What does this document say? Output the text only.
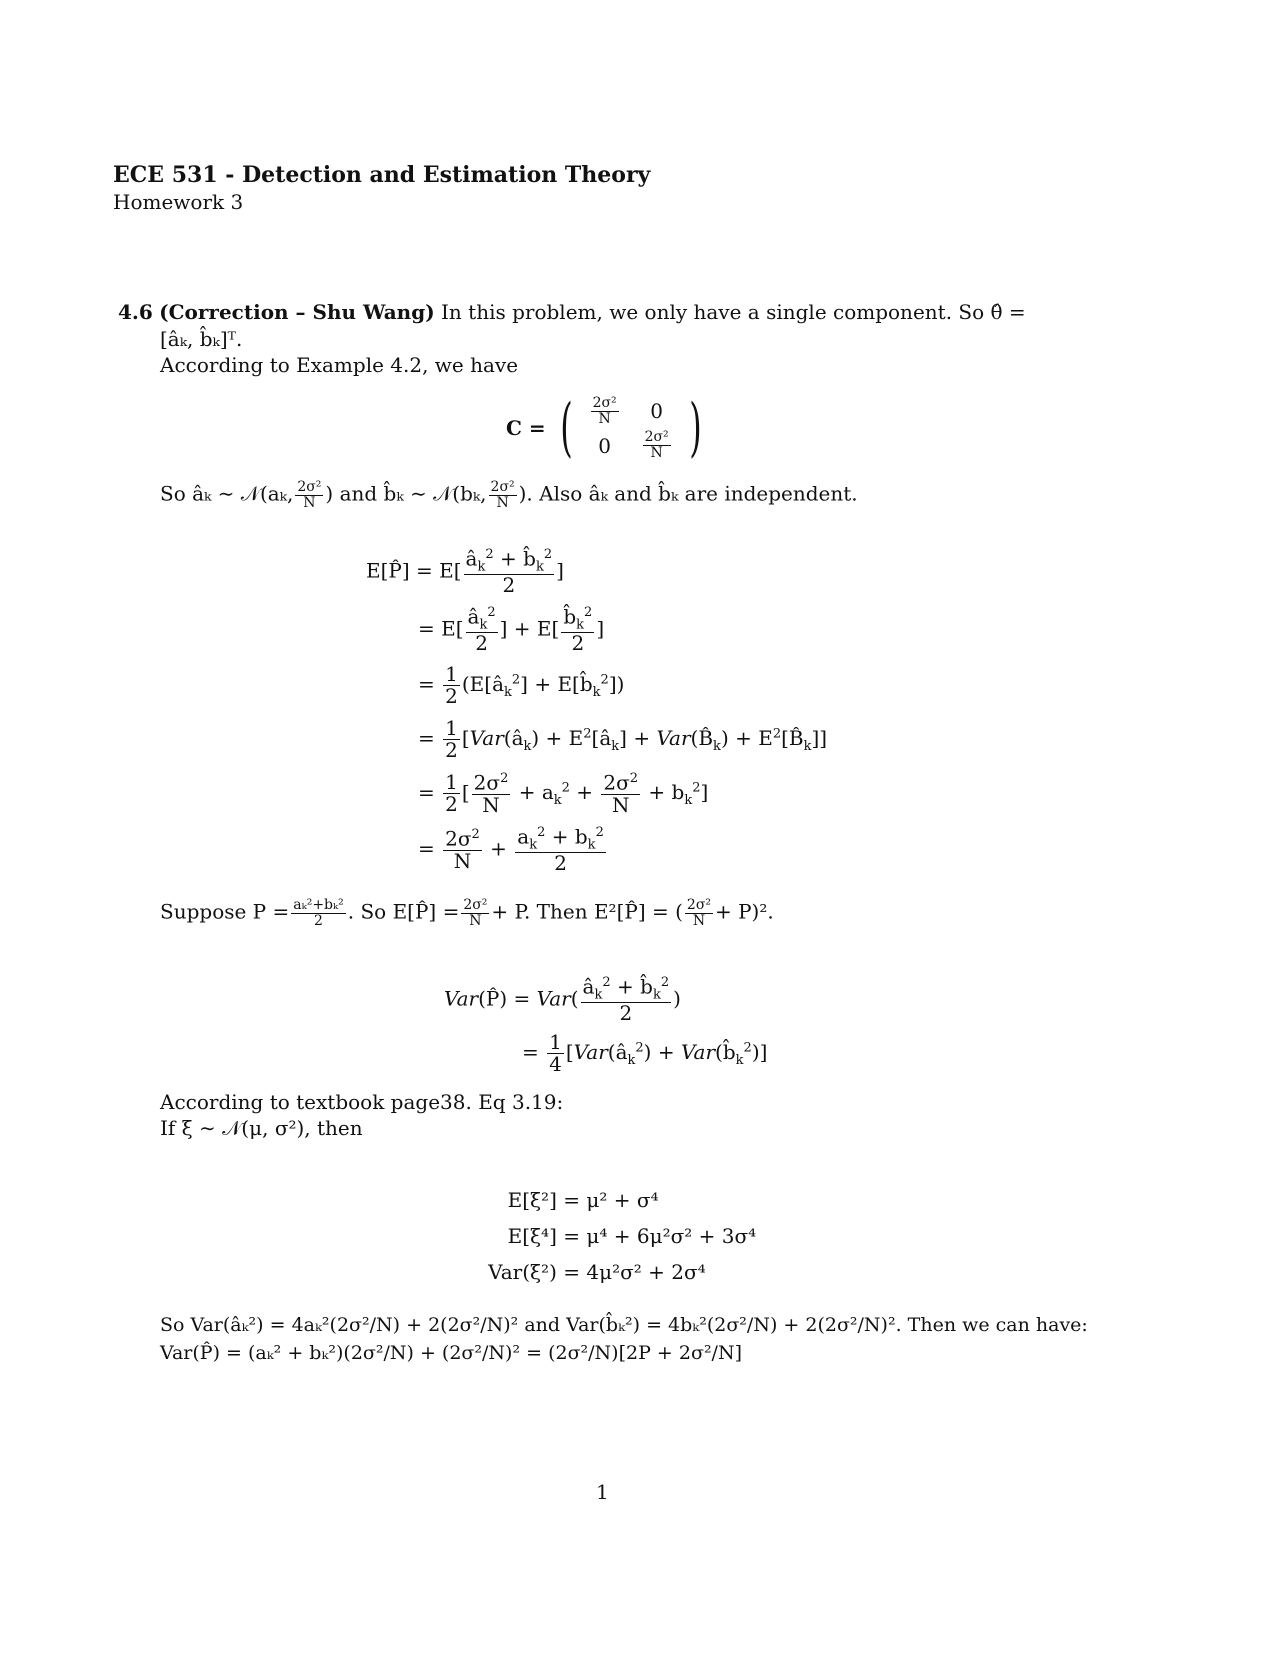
ECE 531 - Detection and Estimation Theory
Homework 3
4.6 (Correction – Shu Wang) In this problem, we only have a single component. So θ̂ =
[âₖ, b̂ₖ]ᵀ.
According to Example 4.2, we have
C = ( $\frac{\text{2σ²}}{N} 0$
$0 \frac{\text{2σ²}}{N}$ )
So âₖ ∼ 𝒩(aₖ, $\frac{\text{2σ²}}{N}$ ) and b̂ₖ ∼ 𝒩(bₖ, $\frac{\text{2σ²}}{N}$ ). Also âₖ and b̂ₖ are independent.
E[P̂] = $E[ \frac{â_k^2 + b̂_k^2}{2}$ ]
= $E[ \frac{â_k^2}{2}$ ] + $E[ \frac{b̂_k^2}{2}$ ]
= $\frac{1}{2}$ ($E[â_k^2]$ + $E[b̂_k^2]$)
= $\frac{1}{2}$ [$Var(â_k)$ + $E^2[â_k]$ + $Var(B̂_k)$ + $E^2[B̂_k]$]
= $\frac{1}{2}$ [ $\frac{2\sigma^2}{N} + a_k^2 + \frac{2\sigma^2}{N} + b_k^2$]
= $\frac{2\sigma^2}{N} + \frac{a_k^2 + b_k^2}{2}$
Suppose $P = \frac{\text{aₖ²+bₖ²}}{2}$ . So E[P̂] = $\frac{\text{2σ²}}{N} + P$. Then E²[P̂] = ( $\frac{\text{2σ²}}{N} + P)^2$.
Var(P̂) = $Var( \frac{â_k^2 + b̂_k^2}{2}$ )
= $\frac{1}{4}$ [$Var(â_k^2)$ + $Var(b̂_k^2)$]
According to textbook page38. Eq 3.19:
If ξ ∼ 𝒩(μ, σ²), then
E[ξ²] = μ² + σ⁴
E[ξ⁴] = μ⁴ + 6μ²σ² + 3σ⁴
Var(ξ²) = 4μ²σ² + 2σ⁴
So Var(âₖ²) = 4aₖ²(2σ²/N) + 2(2σ²/N)² and Var(b̂ₖ²) = 4bₖ²(2σ²/N) + 2(2σ²/N)². Then we can have:
Var(P̂) = (aₖ² + bₖ²)(2σ²/N) + (2σ²/N)² = (2σ²/N)[2P + 2σ²/N]
1
